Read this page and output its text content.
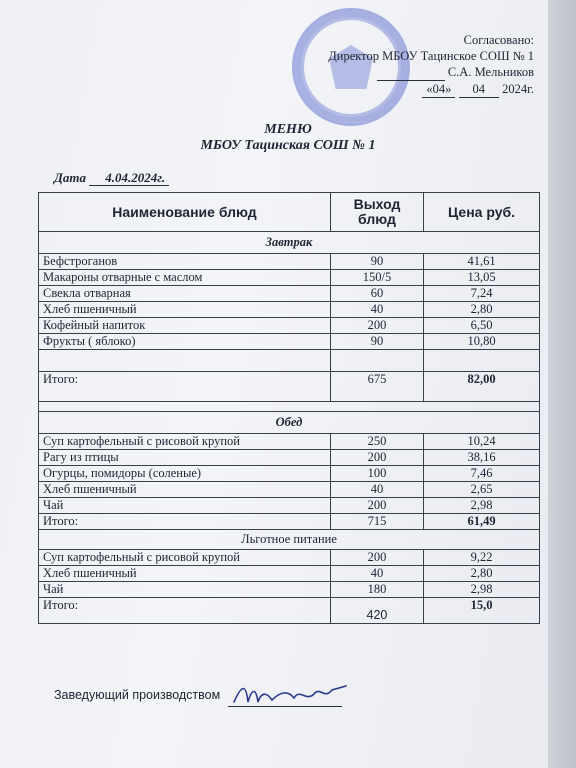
Согласовано:
Директор МБОУ Тацинское СОШ № 1
С.А. Мельников
«04» 04 2024г.
МЕНЮ
МБОУ Тацинская СОШ № 1
Дата 4.04.2024г.
Наименование блюд	Выход блюд	Цена руб.
Завтрак		
Бефстроганов	90	41,61
Макароны отварные с маслом	150/5	13,05
Свекла отварная	60	7,24
Хлеб пшеничный	40	2,80
Кофейный напиток	200	6,50
Фрукты ( яблоко)	90	10,80

Итого:	675	82,00

Обед		
Суп картофельный с рисовой крупой	250	10,24
Рагу из птицы	200	38,16
Огурцы, помидоры (соленые)	100	7,46
Хлеб пшеничный	40	2,65
Чай	200	2,98
Итого:	715	61,49
Льготное питание		
Суп картофельный с рисовой крупой	200	9,22
Хлеб пшеничный	40	2,80
Чай	180	2,98
Итого:	420	15,0
Заведующий производством
